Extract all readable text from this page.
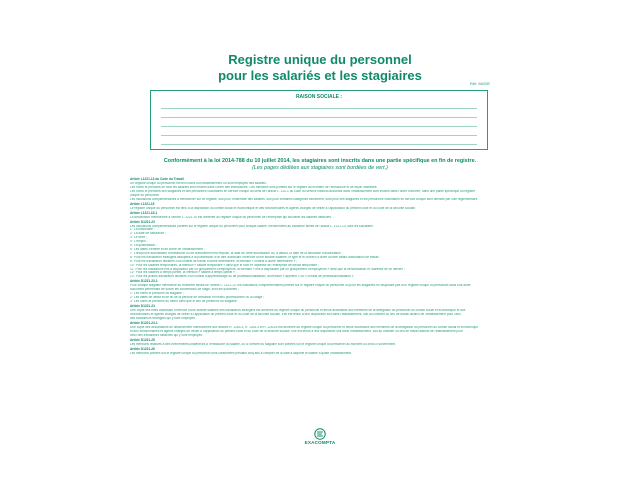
Registre unique du personnel
pour les salariés et les stagiaires
Réf. 6620E
RAISON SOCIALE :
Conformément à la loi 2014-788 du 10 juillet 2014, les stagiaires sont inscrits dans une partie spécifique en fin de registre.
(Les pages dédiées aux stagiaires sont bordées de vert.)
Article L1221-13 du Code du Travail
Un registre unique du personnel est tenu dans tout établissement où sont employés des salariés.
Les noms et prénoms de tous les salariés sont inscrits dans l'ordre des embauches. Ces mentions sont portées sur le registre au moment de l'embauche et de façon indélébile.
Les noms et prénoms des stagiaires et des personnes volontaires en service civique au sens de l'article L. 120-1 du code du service national accueillis dans l'établissement sont inscrits dans l'ordre d'arrivée, dans une partie spécifique du registre
unique du personnel.
Les indications complémentaires à mentionner sur ce registre, soit pour l'ensemble des salariés, soit pour certaines catégories seulement, sont pour ces stagiaires et les personnes volontaires en service civique sont définies par voie réglementaire.
Article L1221-15
Le registre unique du personnel est tenu à la disposition du comité social et économique et des fonctionnaires et agents chargés de veiller à l'application du présent code et du code de la sécurité sociale.
Article L1221-15-1
La déclaration mentionnée à l'article L. 1221-10 est annexée au registre unique du personnel de l'entreprise qui accueille les salariés détachés.
Article D1221-23
Les indications complémentaires portées sur le registre unique du personnel pour chaque salarié, mentionnées au troisième alinéa de l'article L. 1221-13, sont les suivantes :
1° La nationalité ;
2° La date de naissance ;
3° Le sexe ;
4° L'emploi ;
5° La qualification ;
6° Les dates d'entrée et de sortie de l'établissement ;
7° Lorsqu'une autorisation d'embauche ou de licenciement est requise, la date de cette autorisation ou, à défaut, la date de la demande d'autorisation ;
8° Pour les travailleurs étrangers assujettis à la possession d'un titre autorisant l'exercice d'une activité salariée, le type et le numéro d'ordre du titre valant autorisation de travail ;
9° Pour les travailleurs titulaires d'un contrat de travail à durée déterminée, la mention « contrat à durée déterminée » ;
10° Pour les salariés temporaires, la mention « salarié temporaire » ainsi que le nom et l'adresse de l'entreprise de travail temporaire ;
11° Pour les travailleurs mis à disposition par un groupement d'employeurs, la mention « mis à disposition par un groupement d'employeurs » ainsi que la dénomination et l'adresse de ce dernier ;
12° Pour les salariés à temps partiel, la mention « salarié à temps partiel » ;
13° Pour les jeunes travailleurs titulaires d'un contrat d'apprentissage ou de professionnalisation, la mention « apprenti » ou « contrat de professionnalisation ».
Article D1221-23-1
Pour chaque stagiaire mentionné au troisième alinéa de l'article L. 1221-13, les indications complémentaires portées sur le registre unique du personnel ou pour les stagiaires en disposant pas d'un registre unique du personnel dans tout autre
document permettant de suivre les conventions de stage, sont les suivantes :
1° Les noms et prénoms du stagiaire ;
2° Les dates de début et de fin de la période de formation en milieu professionnel ou du stage ;
3° Les noms et prénoms du tuteur ainsi que le lieu de présence du stagiaire.
Article D1221-24
Une copie des titres autorisant l'exercice d'une activité salariée des travailleurs étrangers est annexée au registre unique du personnel et tenue accessible aux membres de la délégation du personnel du comité social et économique et aux
fonctionnaires et agents chargés de veiller à l'application du présent code et du code de la sécurité sociale. Elle est tenue à leur disposition soit dans l'établissement, soit au chantier ou lieu de travail distinct de l'établissement pour ceux
des travailleurs étrangers qui y sont employés.
Article D1221-24-1
Une copie des déclarations de détachement mentionnées aux articles R. 1263-3, R. 1263-4 et R. 1263-6 est annexée au registre unique du personnel et tenue accessible aux membres de la délégation du personnel du comité social et économique
et aux fonctionnaires et agents chargés de veiller à l'application du présent code et du code de la sécurité sociale. Elle est tenue à leur disposition soit dans l'établissement, soit au chantier ou lieu de travail distinct de l'établissement pour
ceux des travailleurs détachés qui y sont employés.
Article D1221-25
Les mentions relatives à des événements postérieurs à l'embauche du salarié, ou à l'arrivée du stagiaire sont portées sur le registre unique du personnel au moment où ceux-ci surviennent.
Article D1221-26
Les mentions portées sur le registre unique du personnel sont conservées pendant cinq ans à compter de la date à laquelle le salarié a quitté l'établissement.
EXACOMPTA
